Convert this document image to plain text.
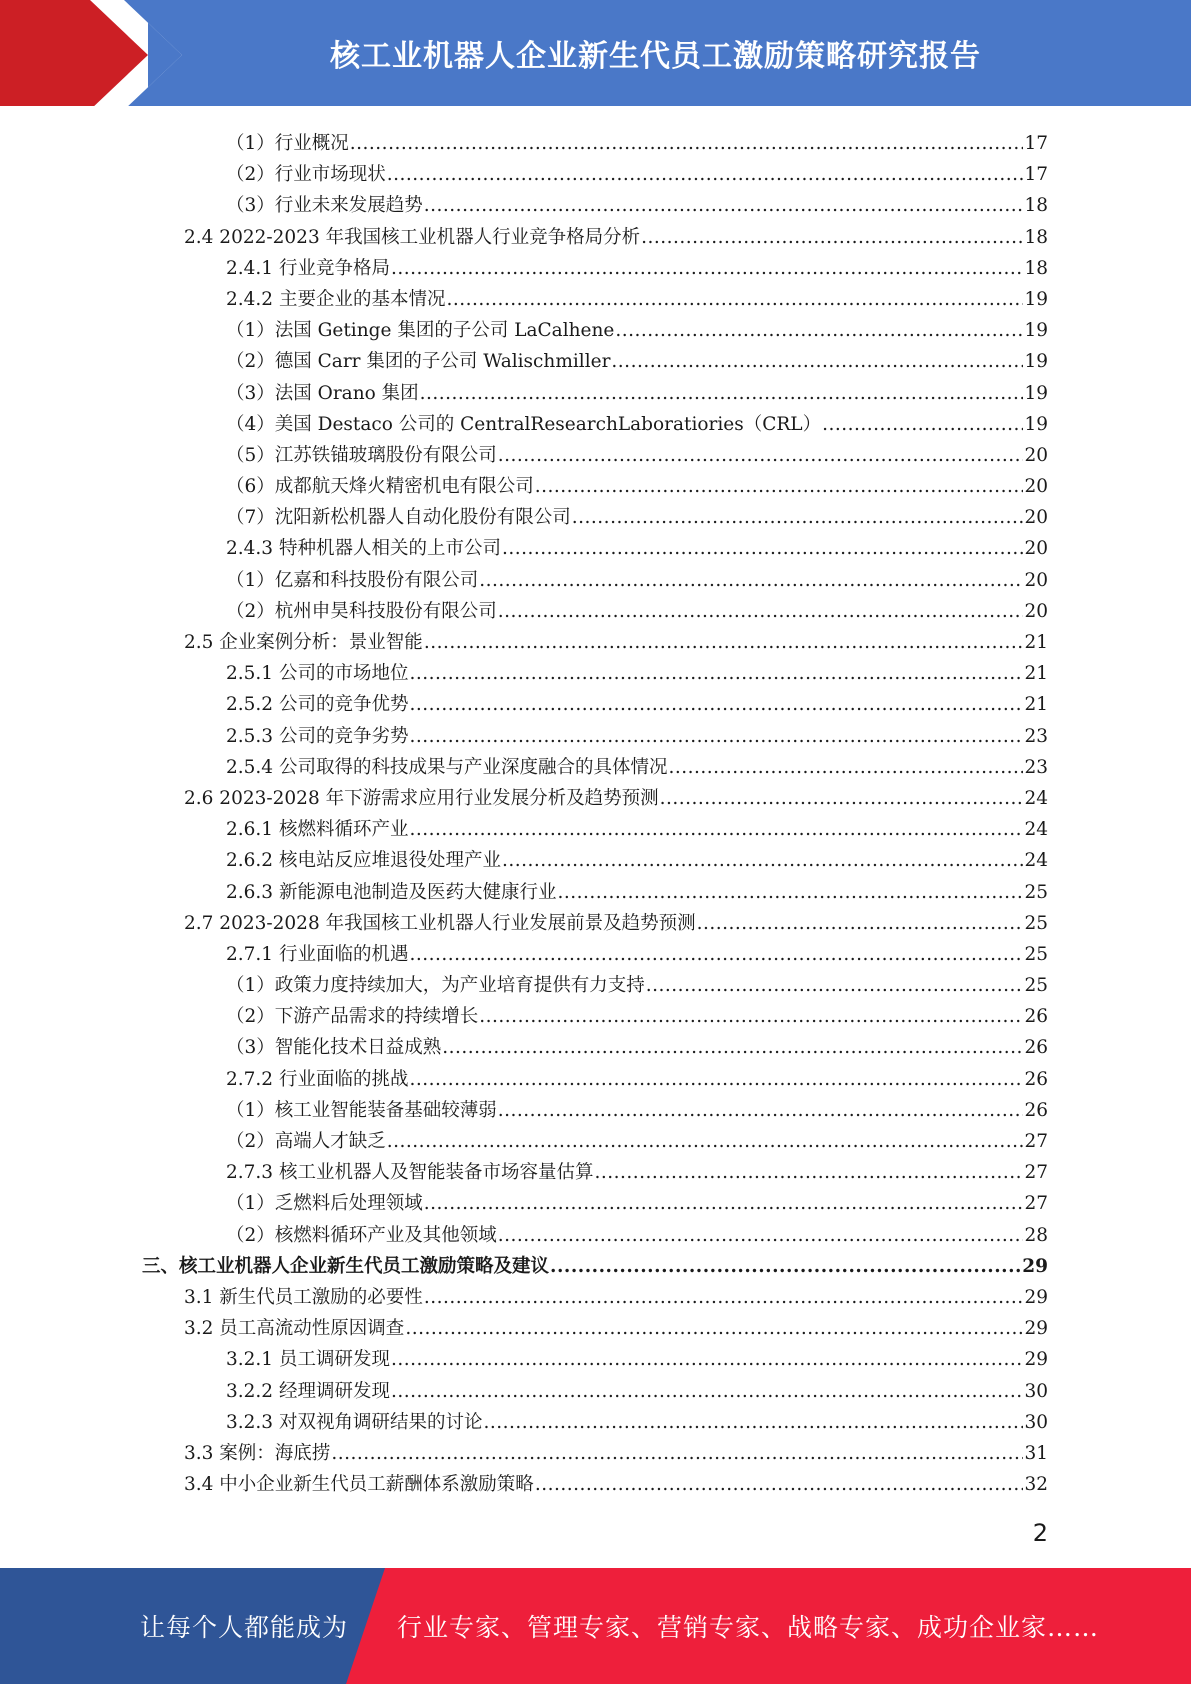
核工业机器人企业新生代员工激励策略研究报告
（1）行业概况 .....	17
（2）行业市场现状 .....	17
（3）行业未来发展趋势 .....	18
2.4 2022-2023 年我国核工业机器人行业竞争格局分析 .....	18
2.4.1 行业竞争格局 .....	18
2.4.2 主要企业的基本情况 .....	19
（1）法国 Getinge 集团的子公司 LaCalhene .....	19
（2）德国 Carr 集团的子公司 Walischmiller .....	19
（3）法国 Orano 集团 .....	19
（4）美国 Destaco 公司的 CentralResearchLaboratiories（CRL） .....	19
（5）江苏铁锚玻璃股份有限公司 .....	20
（6）成都航天烽火精密机电有限公司 .....	20
（7）沈阳新松机器人自动化股份有限公司 .....	20
2.4.3 特种机器人相关的上市公司 .....	20
（1）亿嘉和科技股份有限公司 .....	20
（2）杭州申昊科技股份有限公司 .....	20
2.5 企业案例分析：景业智能 .....	21
2.5.1 公司的市场地位 .....	21
2.5.2 公司的竞争优势 .....	21
2.5.3 公司的竞争劣势 .....	23
2.5.4 公司取得的科技成果与产业深度融合的具体情况 .....	23
2.6 2023-2028 年下游需求应用行业发展分析及趋势预测 .....	24
2.6.1 核燃料循环产业 .....	24
2.6.2 核电站反应堆退役处理产业 .....	24
2.6.3 新能源电池制造及医药大健康行业 .....	25
2.7 2023-2028 年我国核工业机器人行业发展前景及趋势预测 .....	25
2.7.1 行业面临的机遇 .....	25
（1）政策力度持续加大，为产业培育提供有力支持 .....	25
（2）下游产品需求的持续增长 .....	26
（3）智能化技术日益成熟 .....	26
2.7.2 行业面临的挑战 .....	26
（1）核工业智能装备基础较薄弱 .....	26
（2）高端人才缺乏 .....	27
2.7.3 核工业机器人及智能装备市场容量估算 .....	27
（1）乏燃料后处理领域 .....	27
（2）核燃料循环产业及其他领域 .....	28
三、核工业机器人企业新生代员工激励策略及建议 .....	29
3.1 新生代员工激励的必要性 .....	29
3.2 员工高流动性原因调查 .....	29
3.2.1 员工调研发现 .....	29
3.2.2 经理调研发现 .....	30
3.2.3 对双视角调研结果的讨论 .....	30
3.3 案例：海底捞 .....	31
3.4 中小企业新生代员工薪酬体系激励策略 .....	32
2
让每个人都能成为 行业专家、管理专家、营销专家、战略专家、成功企业家……
